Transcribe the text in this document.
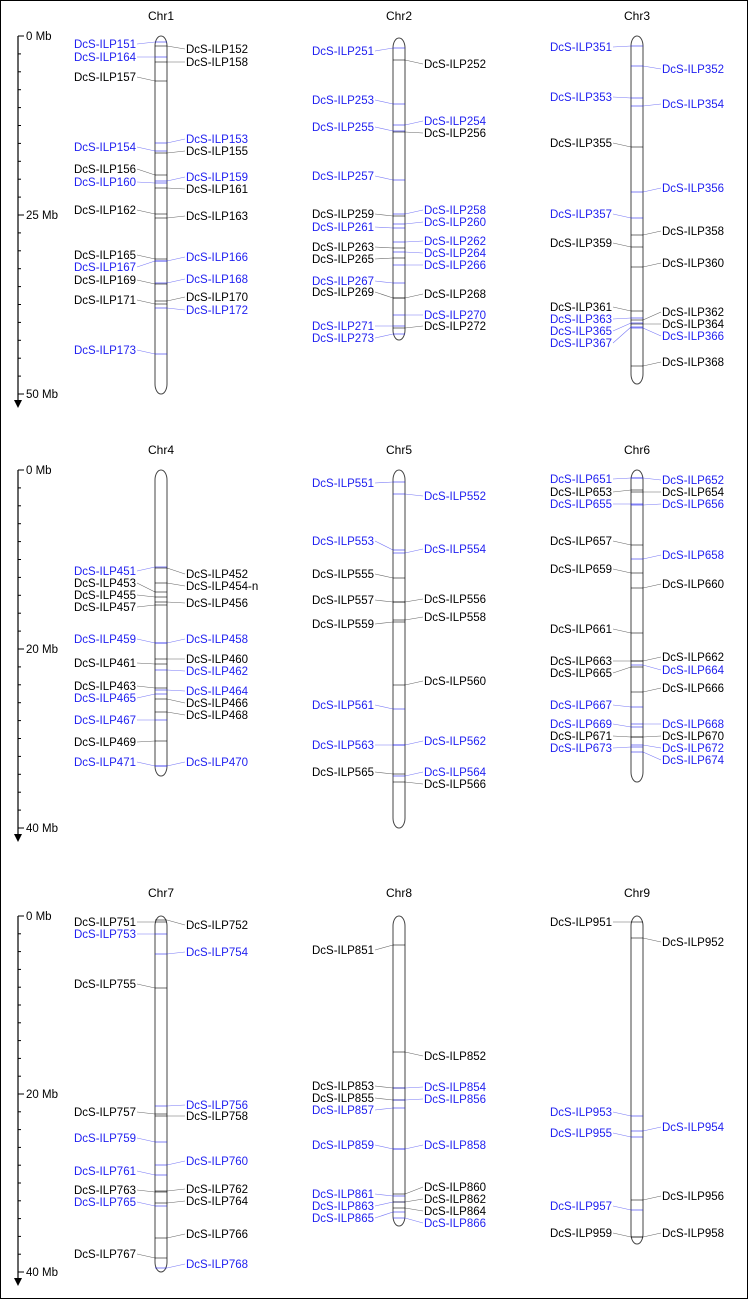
0 Mb
25 Mb
50 Mb
Chr1
DcS-ILP151
DcS-ILP164
DcS-ILP157
DcS-ILP154
DcS-ILP156
DcS-ILP160
DcS-ILP162
DcS-ILP165
DcS-ILP167
DcS-ILP169
DcS-ILP171
DcS-ILP173
DcS-ILP152
DcS-ILP158
DcS-ILP153
DcS-ILP155
DcS-ILP159
DcS-ILP161
DcS-ILP163
DcS-ILP166
DcS-ILP168
DcS-ILP170
DcS-ILP172
Chr2
DcS-ILP251
DcS-ILP253
DcS-ILP255
DcS-ILP257
DcS-ILP259
DcS-ILP261
DcS-ILP263
DcS-ILP265
DcS-ILP267
DcS-ILP269
DcS-ILP271
DcS-ILP273
DcS-ILP252
DcS-ILP254
DcS-ILP256
DcS-ILP258
DcS-ILP260
DcS-ILP262
DcS-ILP264
DcS-ILP266
DcS-ILP268
DcS-ILP270
DcS-ILP272
Chr3
DcS-ILP351
DcS-ILP353
DcS-ILP355
DcS-ILP357
DcS-ILP359
DcS-ILP361
DcS-ILP363
DcS-ILP365
DcS-ILP367
DcS-ILP352
DcS-ILP354
DcS-ILP356
DcS-ILP358
DcS-ILP360
DcS-ILP362
DcS-ILP364
DcS-ILP366
DcS-ILP368
0 Mb
20 Mb
40 Mb
Chr4
DcS-ILP451
DcS-ILP453
DcS-ILP455
DcS-ILP457
DcS-ILP459
DcS-ILP461
DcS-ILP463
DcS-ILP465
DcS-ILP467
DcS-ILP469
DcS-ILP471
DcS-ILP452
DcS-ILP454-n
DcS-ILP456
DcS-ILP458
DcS-ILP460
DcS-ILP462
DcS-ILP464
DcS-ILP466
DcS-ILP468
DcS-ILP470
Chr5
DcS-ILP551
DcS-ILP553
DcS-ILP555
DcS-ILP557
DcS-ILP559
DcS-ILP561
DcS-ILP563
DcS-ILP565
DcS-ILP552
DcS-ILP554
DcS-ILP556
DcS-ILP558
DcS-ILP560
DcS-ILP562
DcS-ILP564
DcS-ILP566
Chr6
DcS-ILP651
DcS-ILP653
DcS-ILP655
DcS-ILP657
DcS-ILP659
DcS-ILP661
DcS-ILP663
DcS-ILP665
DcS-ILP667
DcS-ILP669
DcS-ILP671
DcS-ILP673
DcS-ILP652
DcS-ILP654
DcS-ILP656
DcS-ILP658
DcS-ILP660
DcS-ILP662
DcS-ILP664
DcS-ILP666
DcS-ILP668
DcS-ILP670
DcS-ILP672
DcS-ILP674
0 Mb
20 Mb
40 Mb
Chr7
DcS-ILP751
DcS-ILP753
DcS-ILP755
DcS-ILP757
DcS-ILP759
DcS-ILP761
DcS-ILP763
DcS-ILP765
DcS-ILP767
DcS-ILP752
DcS-ILP754
DcS-ILP756
DcS-ILP758
DcS-ILP760
DcS-ILP762
DcS-ILP764
DcS-ILP766
DcS-ILP768
Chr8
DcS-ILP851
DcS-ILP853
DcS-ILP855
DcS-ILP857
DcS-ILP859
DcS-ILP861
DcS-ILP863
DcS-ILP865
DcS-ILP852
DcS-ILP854
DcS-ILP856
DcS-ILP858
DcS-ILP860
DcS-ILP862
DcS-ILP864
DcS-ILP866
Chr9
DcS-ILP951
DcS-ILP953
DcS-ILP955
DcS-ILP957
DcS-ILP959
DcS-ILP952
DcS-ILP954
DcS-ILP956
DcS-ILP958
